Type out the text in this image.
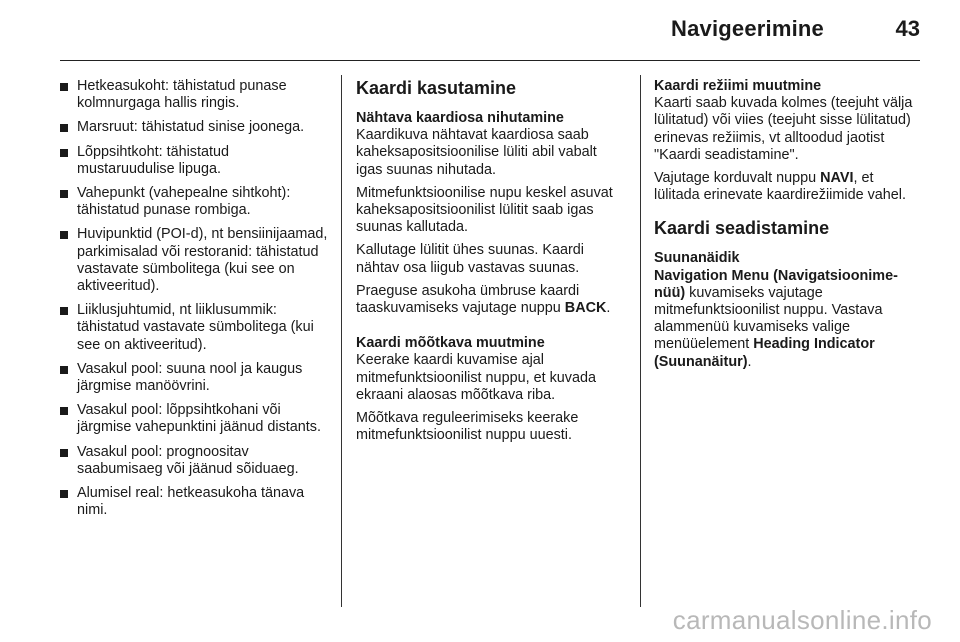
Navigeerimine	43
Hetkeasukoht: tähistatud punase kolmnurgaga hallis ringis.
Marsruut: tähistatud sinise joonega.
Lõppsihtkoht: tähistatud mustaruudulise lipuga.
Vahepunkt (vahepealne sihtkoht): tähistatud punase rombiga.
Huvipunktid (POI-d), nt bensiinijaamad, parkimisalad või restoranid: tähistatud vastavate sümbolitega (kui see on aktiveeritud).
Liiklusjuhtumid, nt liiklusummik: tähistatud vastavate sümbolitega (kui see on aktiveeritud).
Vasakul pool: suuna nool ja kaugus järgmise manöövrini.
Vasakul pool: lõppsihtkohani või järgmise vahepunktini jäänud distants.
Vasakul pool: prognoositav saabumisaeg või jäänud sõiduaeg.
Alumisel real: hetkeasukoha tänava nimi.
Kaardi kasutamine
Nähtava kaardiosa nihutamine

Kaardikuva nähtavat kaardiosa saab kaheksapositsioonilise lüliti abil vabalt igas suunas nihutada.

Mitmefunktsioonilise nupu keskel asuvat kaheksapositsioonilist lülitit saab igas suunas kallutada.

Kallutage lülitit ühes suunas. Kaardi nähtav osa liigub vastavas suunas.

Praeguse asukoha ümbruse kaardi taaskuvamiseks vajutage nuppu BACK.

Kaardi mõõtkava muutmine

Keerake kaardi kuvamise ajal mitmefunktsioonilist nuppu, et kuvada ekraani alaosas mõõtkava riba.

Mõõtkava reguleerimiseks keerake mitmefunktsioonilist nuppu uuesti.

Kaardi režiimi muutmine

Kaarti saab kuvada kolmes (teejuht välja lülitatud) või viies (teejuht sisse lülitatud) erinevas režiimis, vt alltoodud jaotist "Kaardi seadistamine".

Vajutage korduvalt nuppu NAVI, et lülitada erinevate kaardirežiimide vahel.

Kaardi seadistamine
Suunanäidik

Navigation Menu (Navigatsioonime-nüü) kuvamiseks vajutage mitmefunktsioonilist nuppu. Vastava alammenüü kuvamiseks valige menüüelement Heading Indicator (Suunanäitur).

carmanualsonline.info
